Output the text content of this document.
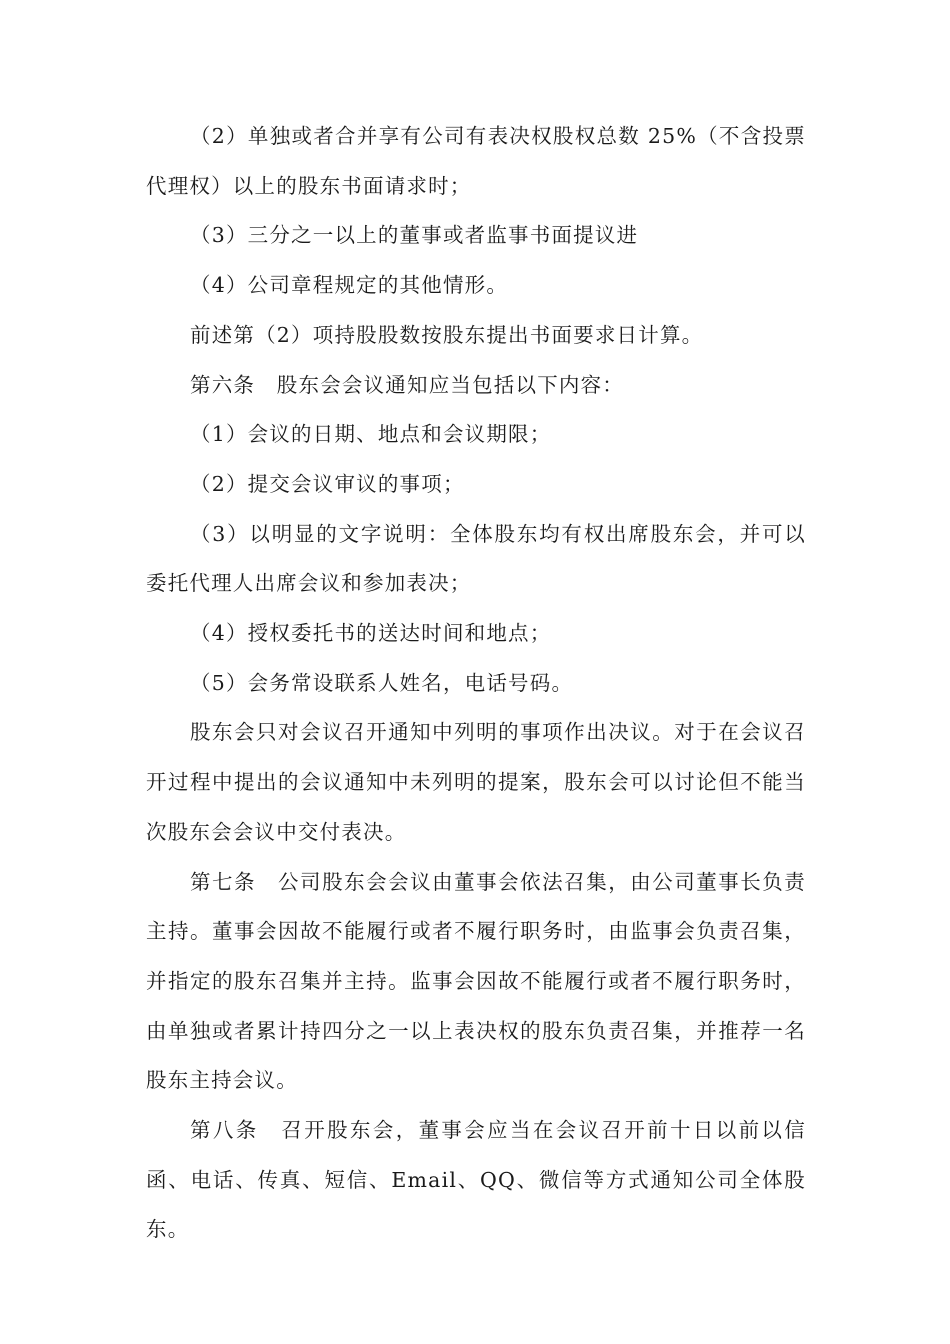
（2）单独或者合并享有公司有表决权股权总数 25%（不含投票代理权）以上的股东书面请求时；

（3）三分之一以上的董事或者监事书面提议进

（4）公司章程规定的其他情形。

前述第（2）项持股股数按股东提出书面要求日计算。

第六条　股东会会议通知应当包括以下内容：

（1）会议的日期、地点和会议期限；

（2）提交会议审议的事项；

（3）以明显的文字说明：全体股东均有权出席股东会，并可以委托代理人出席会议和参加表决；

（4）授权委托书的送达时间和地点；

（5）会务常设联系人姓名，电话号码。

股东会只对会议召开通知中列明的事项作出决议。对于在会议召开过程中提出的会议通知中未列明的提案，股东会可以讨论但不能当次股东会会议中交付表决。

第七条　公司股东会会议由董事会依法召集，由公司董事长负责主持。董事会因故不能履行或者不履行职务时，由监事会负责召集，并指定的股东召集并主持。监事会因故不能履行或者不履行职务时，由单独或者累计持四分之一以上表决权的股东负责召集，并推荐一名股东主持会议。

第八条　召开股东会，董事会应当在会议召开前十日以前以信函、电话、传真、短信、Email、QQ、微信等方式通知公司全体股东。
